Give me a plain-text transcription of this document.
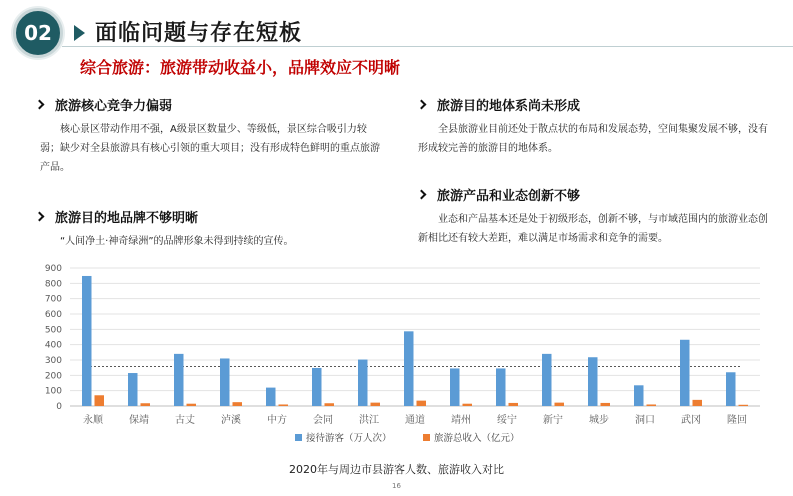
02	面临问题与存在短板
综合旅游：旅游带动收益小，品牌效应不明晰
旅游核心竞争力偏弱
核心景区带动作用不强，A级景区数量少、等级低，景区综合吸引力较弱；缺少对全县旅游具有核心引领的重大项目；没有形成特色鲜明的重点旅游产品。
旅游目的地品牌不够明晰
“人间净土·神奇绿洲”的品牌形象未得到持续的宣传。
旅游目的地体系尚未形成
全县旅游业目前还处于散点状的布局和发展态势，空间集聚发展不够，没有形成较完善的旅游目的地体系。
旅游产品和业态创新不够
业态和产品基本还是处于初级形态，创新不够，与市域范围内的旅游业态创新相比还有较大差距，难以满足市场需求和竞争的需要。
0
100
200
300
400
500
600
700
800
900
永顺	保靖	古丈	泸溪	中方	会同	洪江	通道	靖州	绥宁	新宁	城步	洞口	武冈	隆回
接待游客（万人次）	旅游总收入（亿元）
2020年与周边市县游客人数、旅游收入对比
16
